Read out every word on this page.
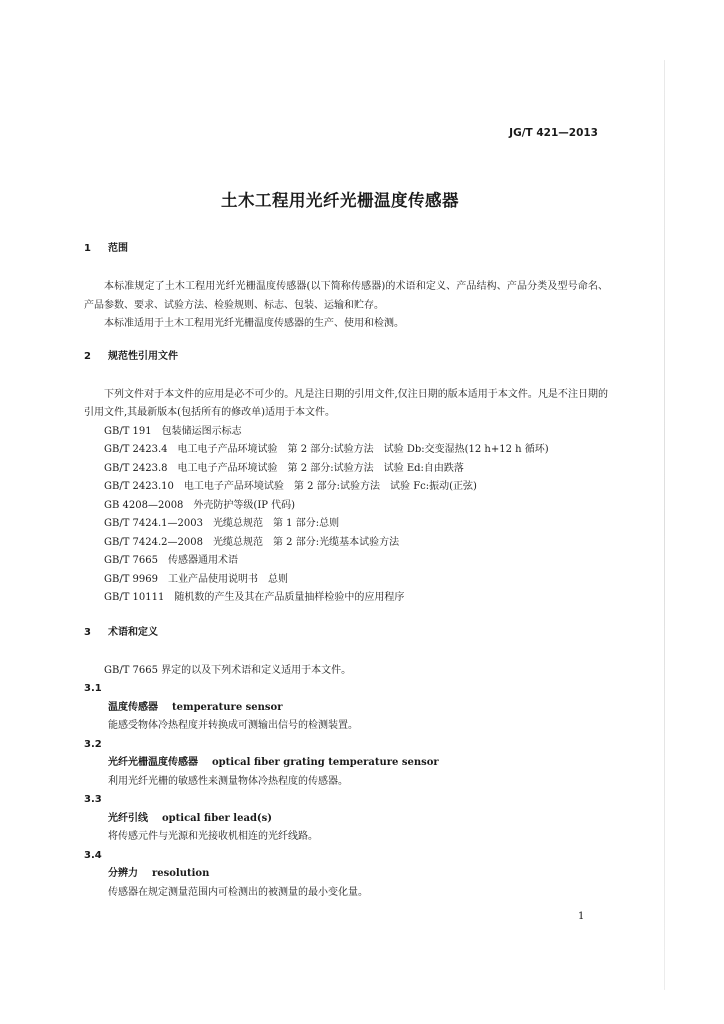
JG/T 421—2013
土木工程用光纤光栅温度传感器

1 范围

本标准规定了土木工程用光纤光栅温度传感器(以下简称传感器)的术语和定义、产品结构、产品分类及型号命名、产品参数、要求、试验方法、检验规则、标志、包装、运输和贮存。

本标准适用于土木工程用光纤光栅温度传感器的生产、使用和检测。

2 规范性引用文件

下列文件对于本文件的应用是必不可少的。凡是注日期的引用文件,仅注日期的版本适用于本文件。凡是不注日期的引用文件,其最新版本(包括所有的修改单)适用于本文件。

GB/T 191 包装储运图示标志

GB/T 2423.4 电工电子产品环境试验　第 2 部分:试验方法　试验 Db:交变湿热(12 h+12 h 循环)

GB/T 2423.8 电工电子产品环境试验　第 2 部分:试验方法　试验 Ed:自由跌落

GB/T 2423.10 电工电子产品环境试验　第 2 部分:试验方法　试验 Fc:振动(正弦)

GB 4208—2008 外壳防护等级(IP 代码)

GB/T 7424.1—2003 光缆总规范　第 1 部分:总则

GB/T 7424.2—2008 光缆总规范　第 2 部分:光缆基本试验方法

GB/T 7665 传感器通用术语

GB/T 9969 工业产品使用说明书　总则

GB/T 10111 随机数的产生及其在产品质量抽样检验中的应用程序

3 术语和定义

GB/T 7665 界定的以及下列术语和定义适用于本文件。

3.1

温度传感器 temperature sensor

能感受物体冷热程度并转换成可测输出信号的检测装置。

3.2

光纤光栅温度传感器 optical fiber grating temperature sensor

利用光纤光栅的敏感性来测量物体冷热程度的传感器。

3.3

光纤引线 optical fiber lead(s)

将传感元件与光源和光接收机相连的光纤线路。

3.4

分辨力 resolution

传感器在规定测量范围内可检测出的被测量的最小变化量。

1
